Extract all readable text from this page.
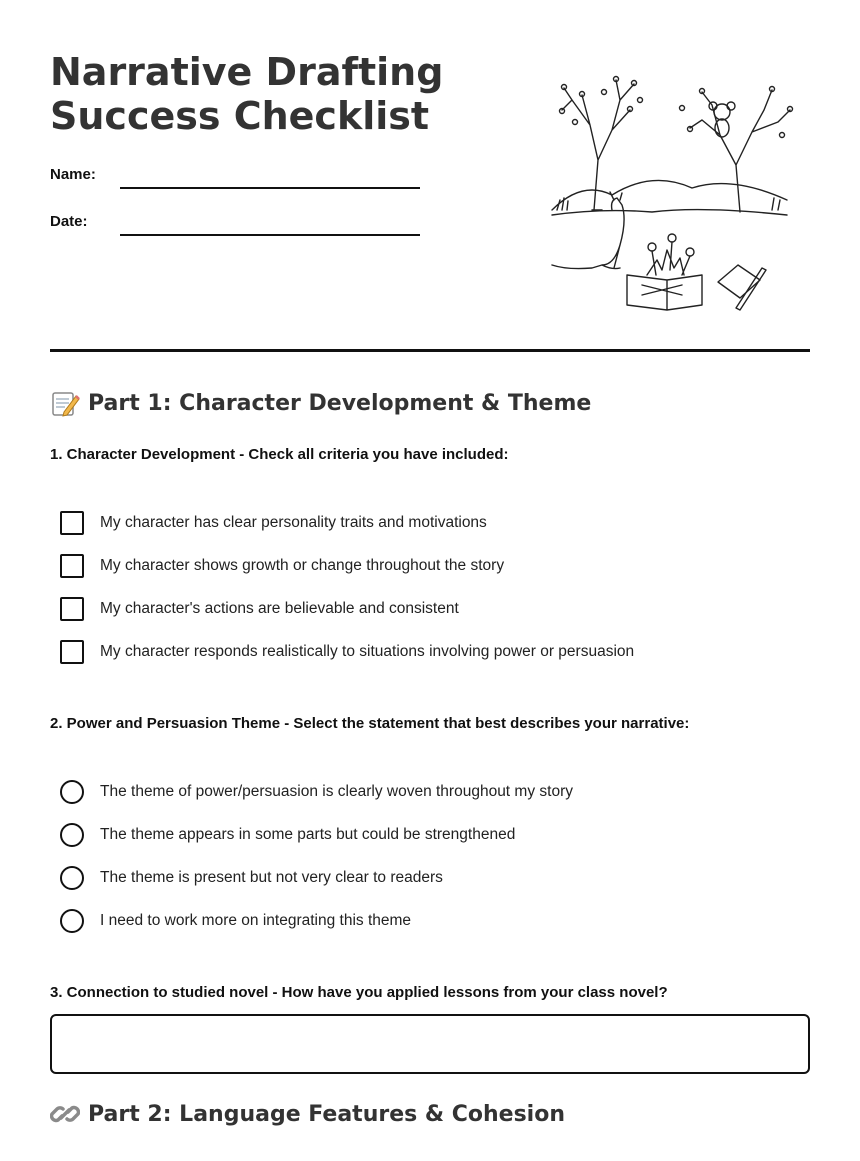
Narrative Drafting
Success Checklist
Name:
Date:
Part 1: Character Development & Theme
1. Character Development - Check all criteria you have included:
My character has clear personality traits and motivations
My character shows growth or change throughout the story
My character's actions are believable and consistent
My character responds realistically to situations involving power or persuasion
2. Power and Persuasion Theme - Select the statement that best describes your narrative:
The theme of power/persuasion is clearly woven throughout my story
The theme appears in some parts but could be strengthened
The theme is present but not very clear to readers
I need to work more on integrating this theme
3. Connection to studied novel - How have you applied lessons from your class novel?
Part 2: Language Features & Cohesion
